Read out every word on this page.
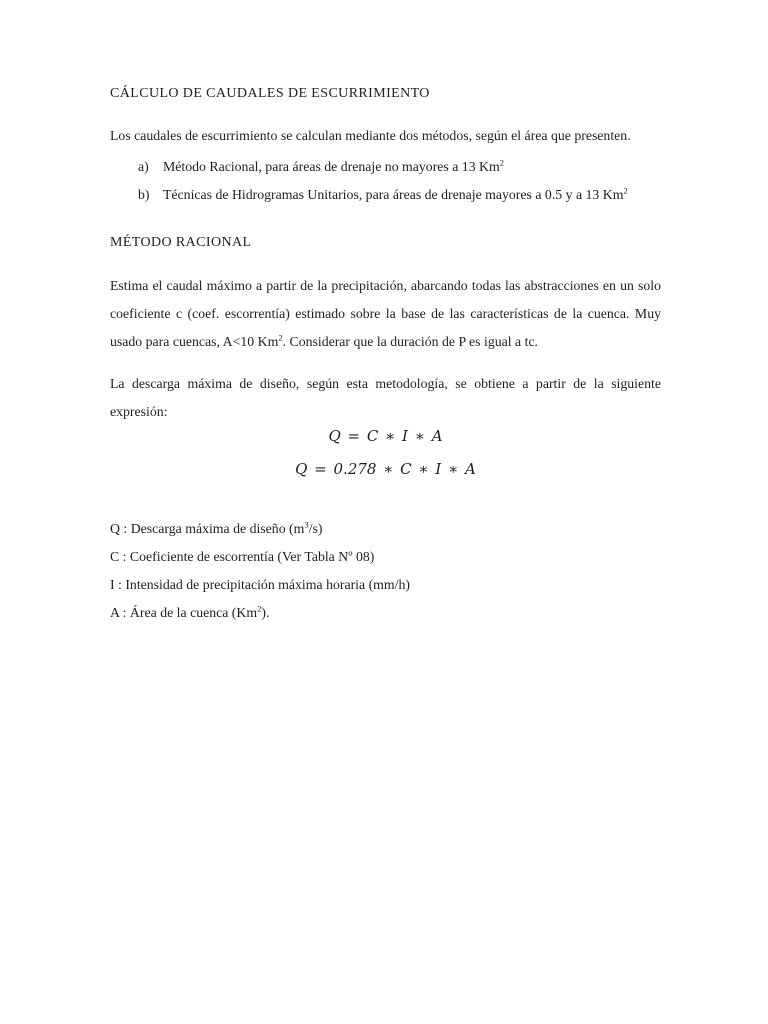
CÁLCULO DE CAUDALES DE ESCURRIMIENTO

Los caudales de escurrimiento se calculan mediante dos métodos, según el área que presenten.

a) Método Racional, para áreas de drenaje no mayores a 13 Km$^2$
b) Técnicas de Hidrogramas Unitarios, para áreas de drenaje mayores a 0.5 y a 13 Km$^2$
MÉTODO RACIONAL

Estima el caudal máximo a partir de la precipitación, abarcando todas las abstracciones en un solo coeficiente c (coef. escorrentía) estimado sobre la base de las características de la cuenca. Muy usado para cuencas, A<10 Km$^2$. Considerar que la duración de P es igual a tc.

La descarga máxima de diseño, según esta metodología, se obtiene a partir de la siguiente expresión:

Q = C ∗ I ∗ A
Q = 0.278 ∗ C ∗ I ∗ A

Q : Descarga máxima de diseño $(m^3/s)$

C : Coeficiente de escorrentía (Ver Tabla Nº 08)

I : Intensidad de precipitación máxima horaria (mm/h)

A : Área de la cuenca (Km$^2$).
